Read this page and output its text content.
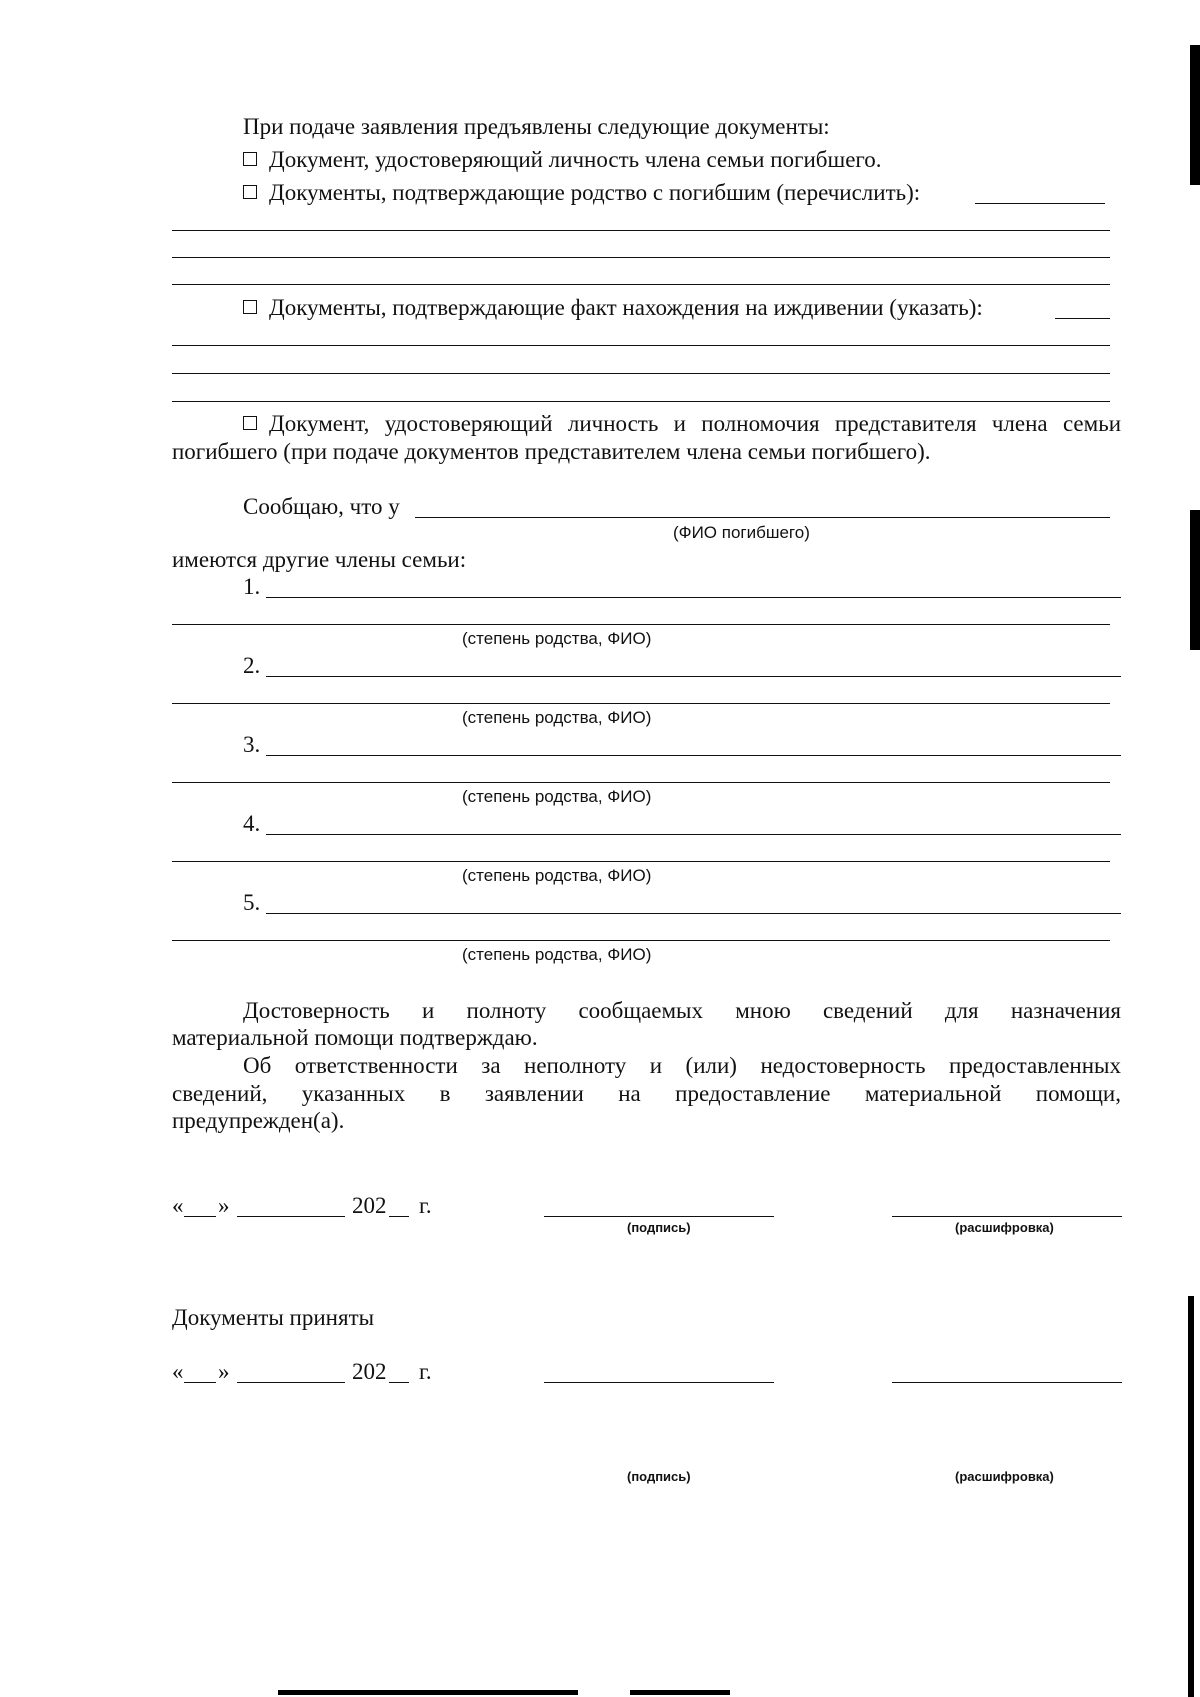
При подаче заявления предъявлены следующие документы:
Документ, удостоверяющий личность члена семьи погибшего.
Документы, подтверждающие родство с погибшим (перечислить):
Документы, подтверждающие факт нахождения на иждивении (указать):
Документ, удостоверяющий личность и полномочия представителя члена семьи
погибшего (при подаче документов представителем члена семьи погибшего).
Сообщаю, что у
(ФИО погибшего)
имеются другие члены семьи:
1.
(степень родства, ФИО)
2.
(степень родства, ФИО)
3.
(степень родства, ФИО)
4.
(степень родства, ФИО)
5.
(степень родства, ФИО)
Достоверность и полноту сообщаемых мною сведений для назначения
материальной помощи подтверждаю.
Об ответственности за неполноту и (или) недостоверность предоставленных
сведений, указанных в заявлении на предоставление материальной помощи,
предупрежден(а).
« »	202 г.
(подпись)	(расшифровка)
Документы приняты
« »	202 г.
(подпись)	(расшифровка)
